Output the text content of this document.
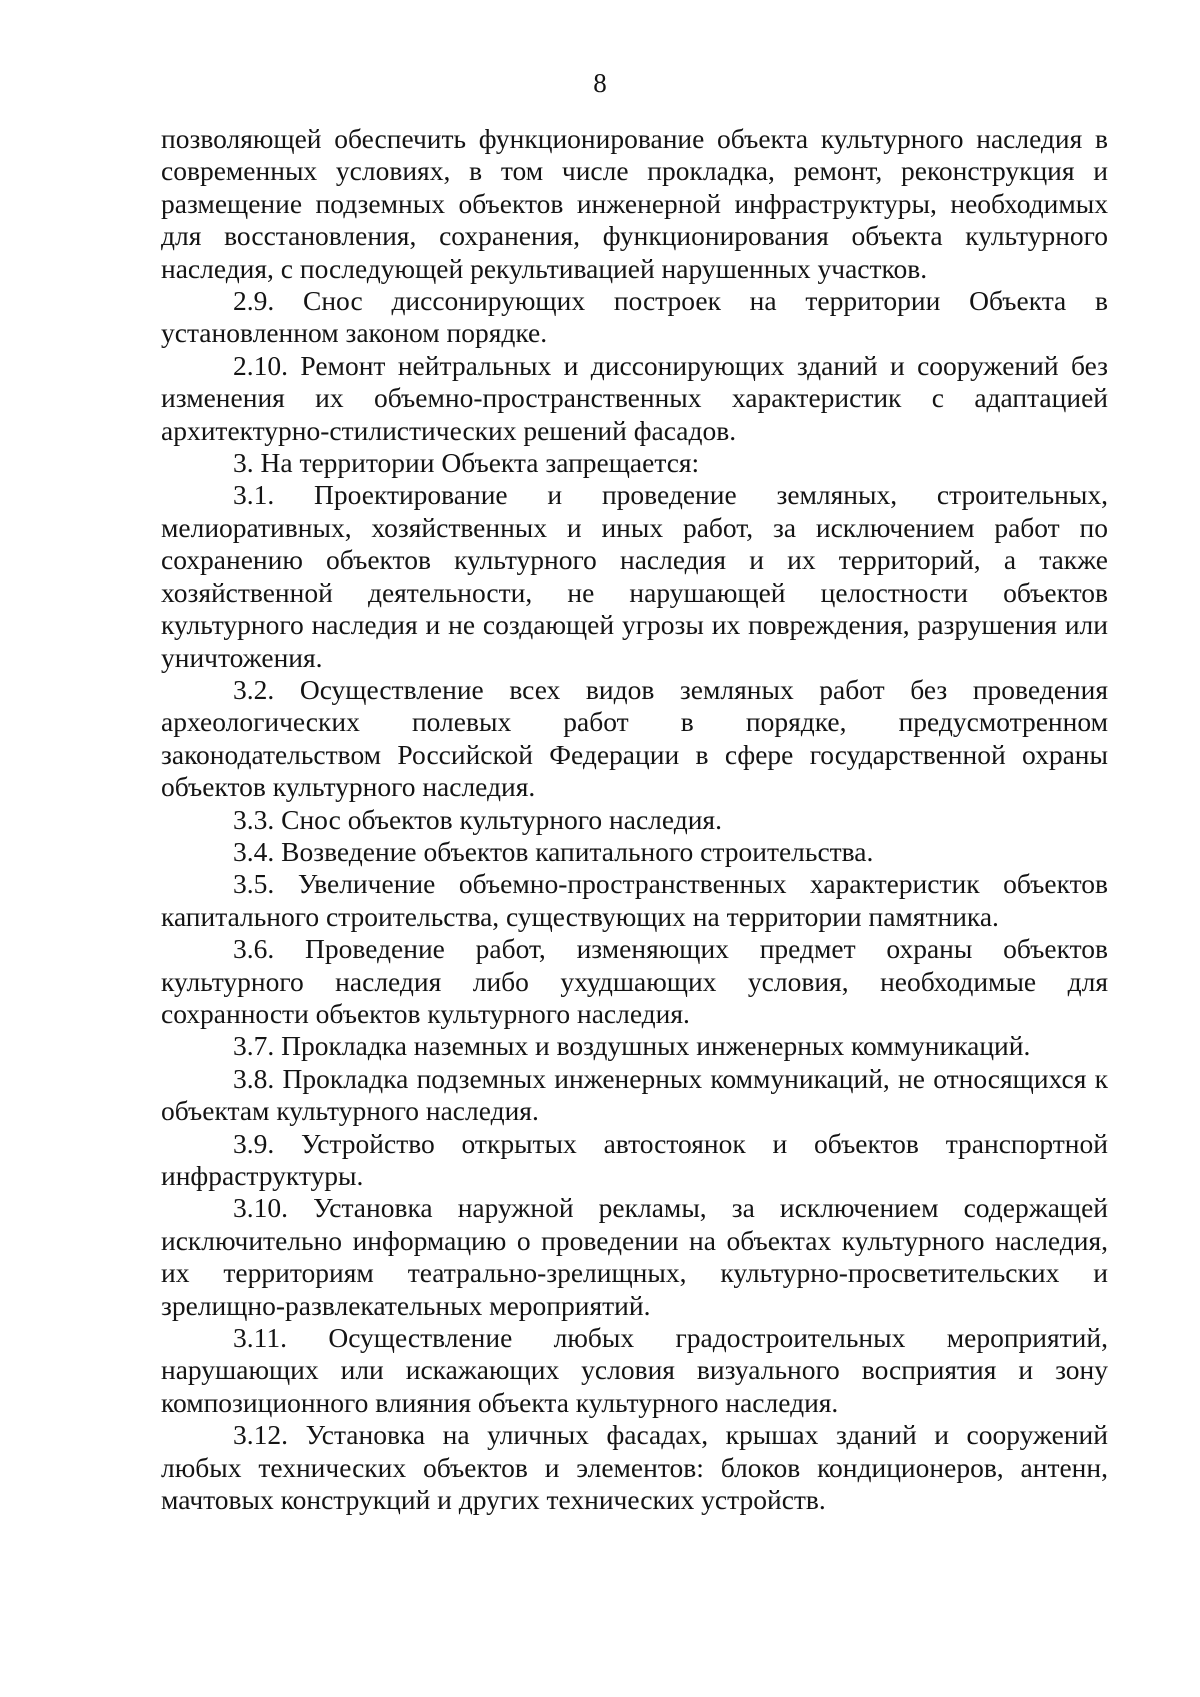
8

позволяющей обеспечить функционирование объекта культурного наследия в современных условиях, в том числе прокладка, ремонт, реконструкция и размещение подземных объектов инженерной инфраструктуры, необходимых для восстановления, сохранения, функционирования объекта культурного наследия, с последующей рекультивацией нарушенных участков.

2.9. Снос диссонирующих построек на территории Объекта в установленном законом порядке.

2.10. Ремонт нейтральных и диссонирующих зданий и сооружений без изменения их объемно-пространственных характеристик с адаптацией архитектурно-стилистических решений фасадов.

3. На территории Объекта запрещается:

3.1. Проектирование и проведение земляных, строительных, мелиоративных, хозяйственных и иных работ, за исключением работ по сохранению объектов культурного наследия и их территорий, а также хозяйственной деятельности, не нарушающей целостности объектов культурного наследия и не создающей угрозы их повреждения, разрушения или уничтожения.

3.2. Осуществление всех видов земляных работ без проведения археологических полевых работ в порядке, предусмотренном законодательством Российской Федерации в сфере государственной охраны объектов культурного наследия.

3.3. Снос объектов культурного наследия.

3.4. Возведение объектов капитального строительства.

3.5. Увеличение объемно-пространственных характеристик объектов капитального строительства, существующих на территории памятника.

3.6. Проведение работ, изменяющих предмет охраны объектов культурного наследия либо ухудшающих условия, необходимые для сохранности объектов культурного наследия.

3.7. Прокладка наземных и воздушных инженерных коммуникаций.

3.8. Прокладка подземных инженерных коммуникаций, не относящихся к объектам культурного наследия.

3.9. Устройство открытых автостоянок и объектов транспортной инфраструктуры.

3.10. Установка наружной рекламы, за исключением содержащей исключительно информацию о проведении на объектах культурного наследия, их территориям театрально-зрелищных, культурно-просветительских и зрелищно-развлекательных мероприятий.

3.11. Осуществление любых градостроительных мероприятий, нарушающих или искажающих условия визуального восприятия и зону композиционного влияния объекта культурного наследия.

3.12. Установка на уличных фасадах, крышах зданий и сооружений любых технических объектов и элементов: блоков кондиционеров, антенн, мачтовых конструкций и других технических устройств.
